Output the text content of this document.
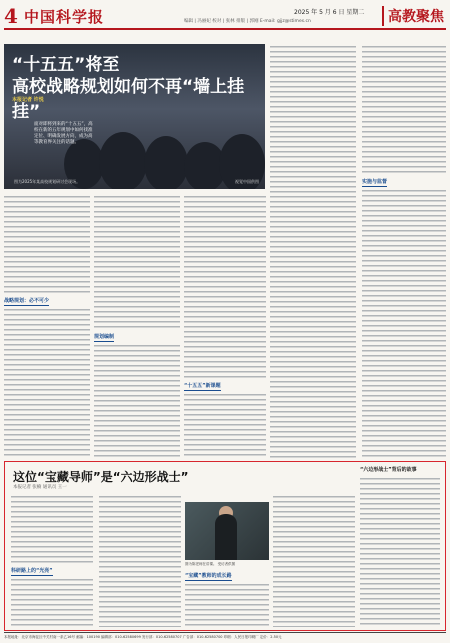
4 中国科学报	2025 年 5 月 6 日 星期二
编辑 | 冯丽妃 校对 | 张林 排版 | 郭刚 E-mail: gjjz@stimes.cn	高教聚焦
“十五五”将至
高校战略规划如何不再“墙上挂挂”
本报记者 许悦
面对即将到来的“十五五”，高校在新的五年规划中如何找准定位、明确发展方向，成为高等教育界关注的话题。
图为2025年某高校规划研讨会现场。	视觉中国供图	实施与监督
战略规划：必不可少
规划编制
“十五五”新课题
这位“宝藏导师”是“六边形战士”
本报记者 张楠 通讯员 王一
科研路上的“光亮”
图为陈老师在讲课。 受访者供图
“宝藏”教师的成长路
“六边形战士”背后的故事
本报地址：北京市海淀区中关村南一条乙16号 邮编：100190 编辑部：010-62580699 发行部：010-62580707 广告部：010-62580700 印刷：人民日报印刷厂 定价：2.50元
